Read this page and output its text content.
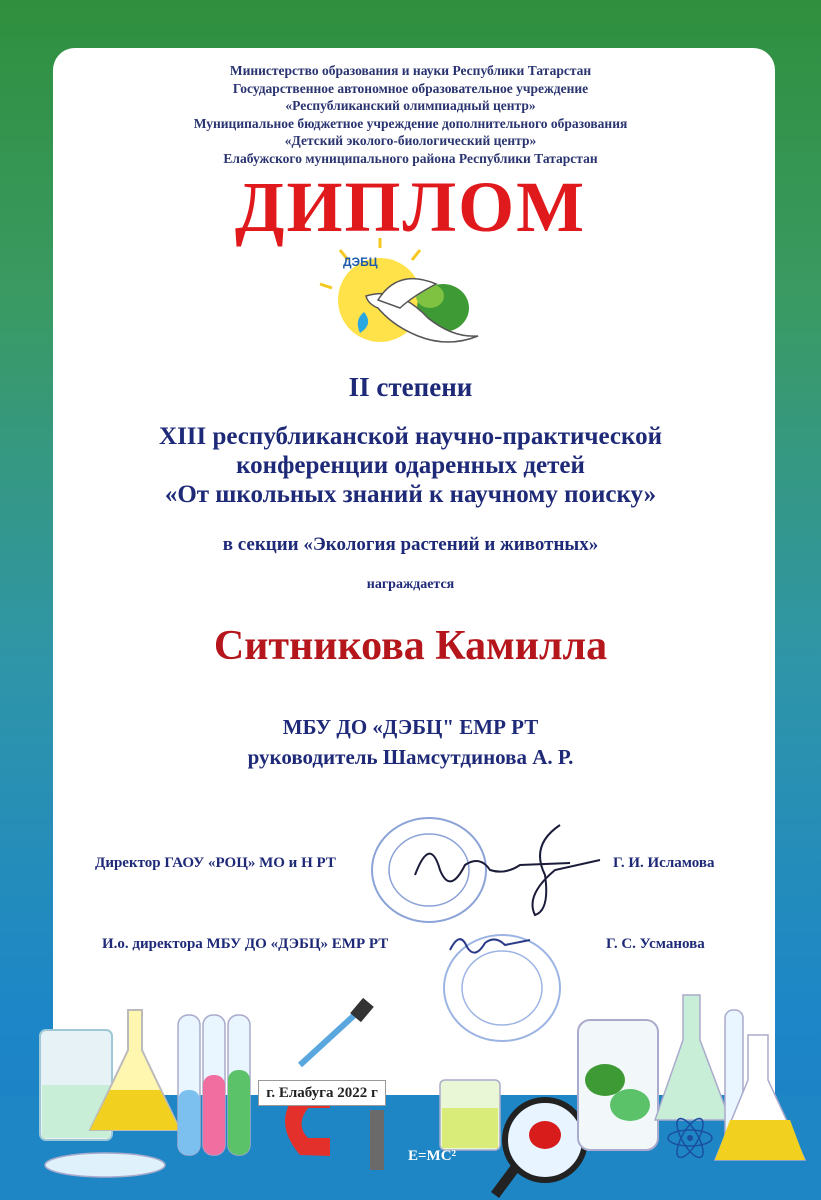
Министерство образования и науки Республики Татарстан
Государственное автономное образовательное учреждение
«Республиканский олимпиадный центр»
Муниципальное бюджетное учреждение дополнительного образования
«Детский эколого-биологический центр»
Елабужского муниципального района Республики Татарстан
ДИПЛОМ
ДЭБЦ
II степени
XIII республиканской научно-практической
конференции одаренных детей
«От школьных знаний к научному поиску»
в секции «Экология растений и животных»
награждается
Ситникова Камилла
МБУ ДО «ДЭБЦ" ЕМР РТ
руководитель Шамсутдинова А. Р.
Директор ГАОУ «РОЦ» МО и Н РТ	Г. И. Исламова
И.о. директора МБУ ДО «ДЭБЦ» ЕМР РТ	Г. С. Усманова
г. Елабуга 2022 г
E=MC²
